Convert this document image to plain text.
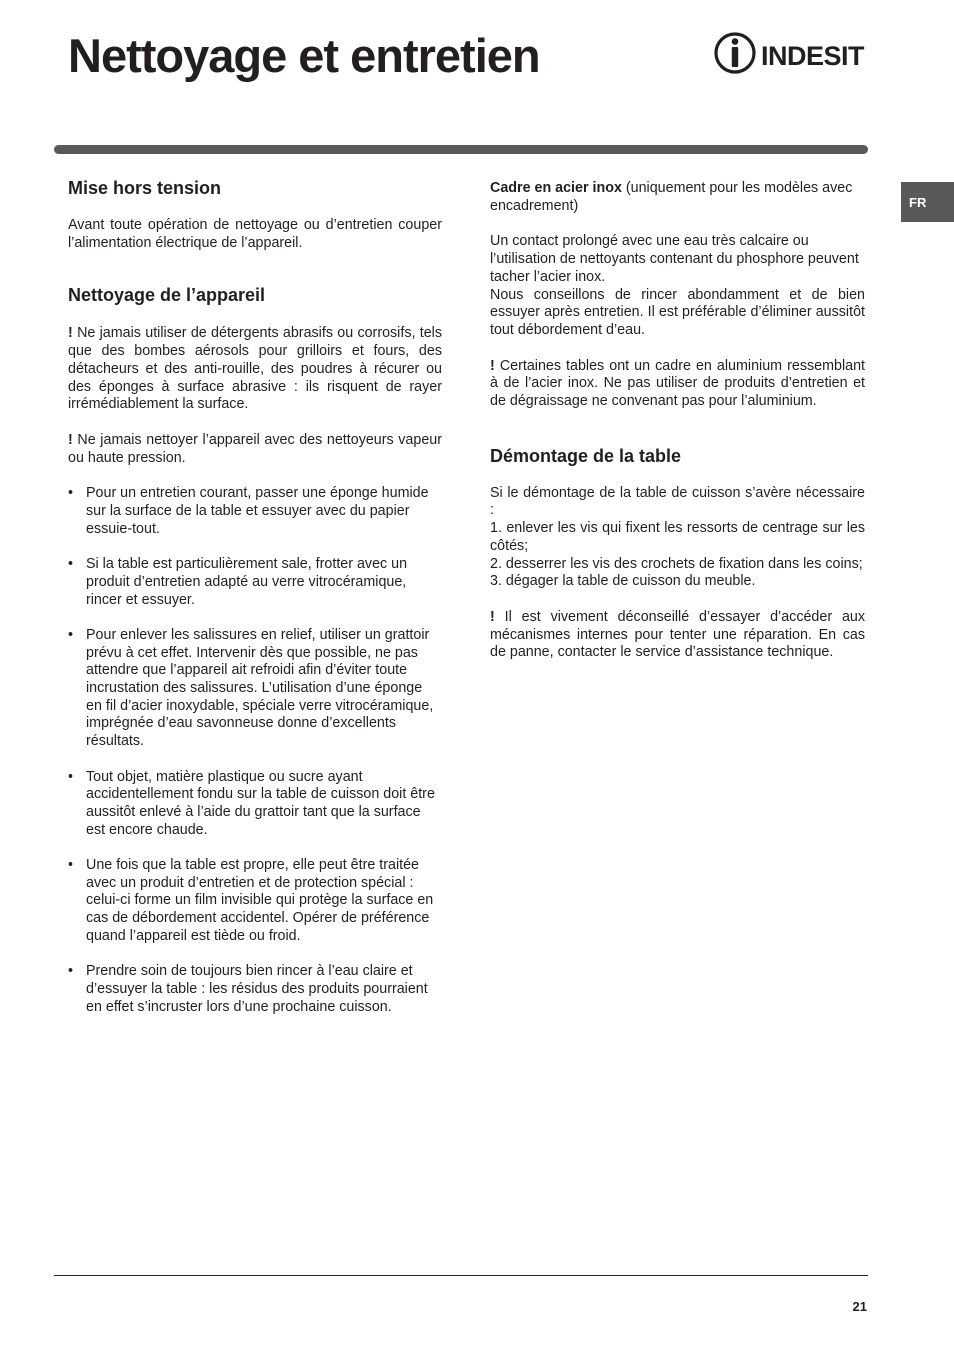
Nettoyage et entretien	INDESIT
FR
Mise hors tension

Avant toute opération de nettoyage ou d’entretien couper l’alimentation électrique de l’appareil.

Nettoyage de l’appareil

! Ne jamais utiliser de détergents abrasifs ou corrosifs, tels que des bombes aérosols pour grilloirs et fours, des détacheurs et des anti-rouille, des poudres à récurer ou des éponges à surface abrasive : ils risquent de rayer irrémédiablement la surface.

! Ne jamais nettoyer l’appareil avec des nettoyeurs vapeur ou haute pression.

• Pour un entretien courant, passer une éponge humide sur la surface de la table et essuyer avec du papier essuie-tout.
• Si la table est particulièrement sale, frotter avec un produit d’entretien adapté au verre vitrocéramique, rincer et essuyer.
• Pour enlever les salissures en relief, utiliser un grattoir prévu à cet effet. Intervenir dès que possible, ne pas attendre que l’appareil ait refroidi afin d’éviter toute incrustation des salissures. L’utilisation d’une éponge en fil d’acier inoxydable, spéciale verre vitrocéramique, imprégnée d’eau savonneuse donne d’excellents résultats.
• Tout objet, matière plastique ou sucre ayant accidentellement fondu sur la table de cuisson doit être aussitôt enlevé à l’aide du grattoir tant que la surface est encore chaude.
• Une fois que la table est propre, elle peut être traitée avec un produit d’entretien et de protection spécial : celui-ci forme un film invisible qui protège la surface en cas de débordement accidentel. Opérer de préférence quand l’appareil est tiède ou froid.
• Prendre soin de toujours bien rincer à l’eau claire et d’essuyer la table : les résidus des produits pourraient en effet s’incruster lors d’une prochaine cuisson.

Cadre en acier inox (uniquement pour les modèles avec encadrement)

Un contact prolongé avec une eau très calcaire ou l’utilisation de nettoyants contenant du phosphore peuvent tacher l’acier inox.

Nous conseillons de rincer abondamment et de bien essuyer après entretien. Il est préférable d’éliminer aussitôt tout débordement d’eau.

! Certaines tables ont un cadre en aluminium ressemblant à de l’acier inox. Ne pas utiliser de produits d’entretien et de dégraissage ne convenant pas pour l’aluminium.

Démontage de la table

Si le démontage de la table de cuisson s’avère nécessaire :

1. enlever les vis qui fixent les ressorts de centrage sur les côtés;

2. desserrer les vis des crochets de fixation dans les coins;

3. dégager la table de cuisson du meuble.

! Il est vivement déconseillé d’essayer d’accéder aux mécanismes internes pour tenter une réparation. En cas de panne, contacter le service d’assistance technique.

21
